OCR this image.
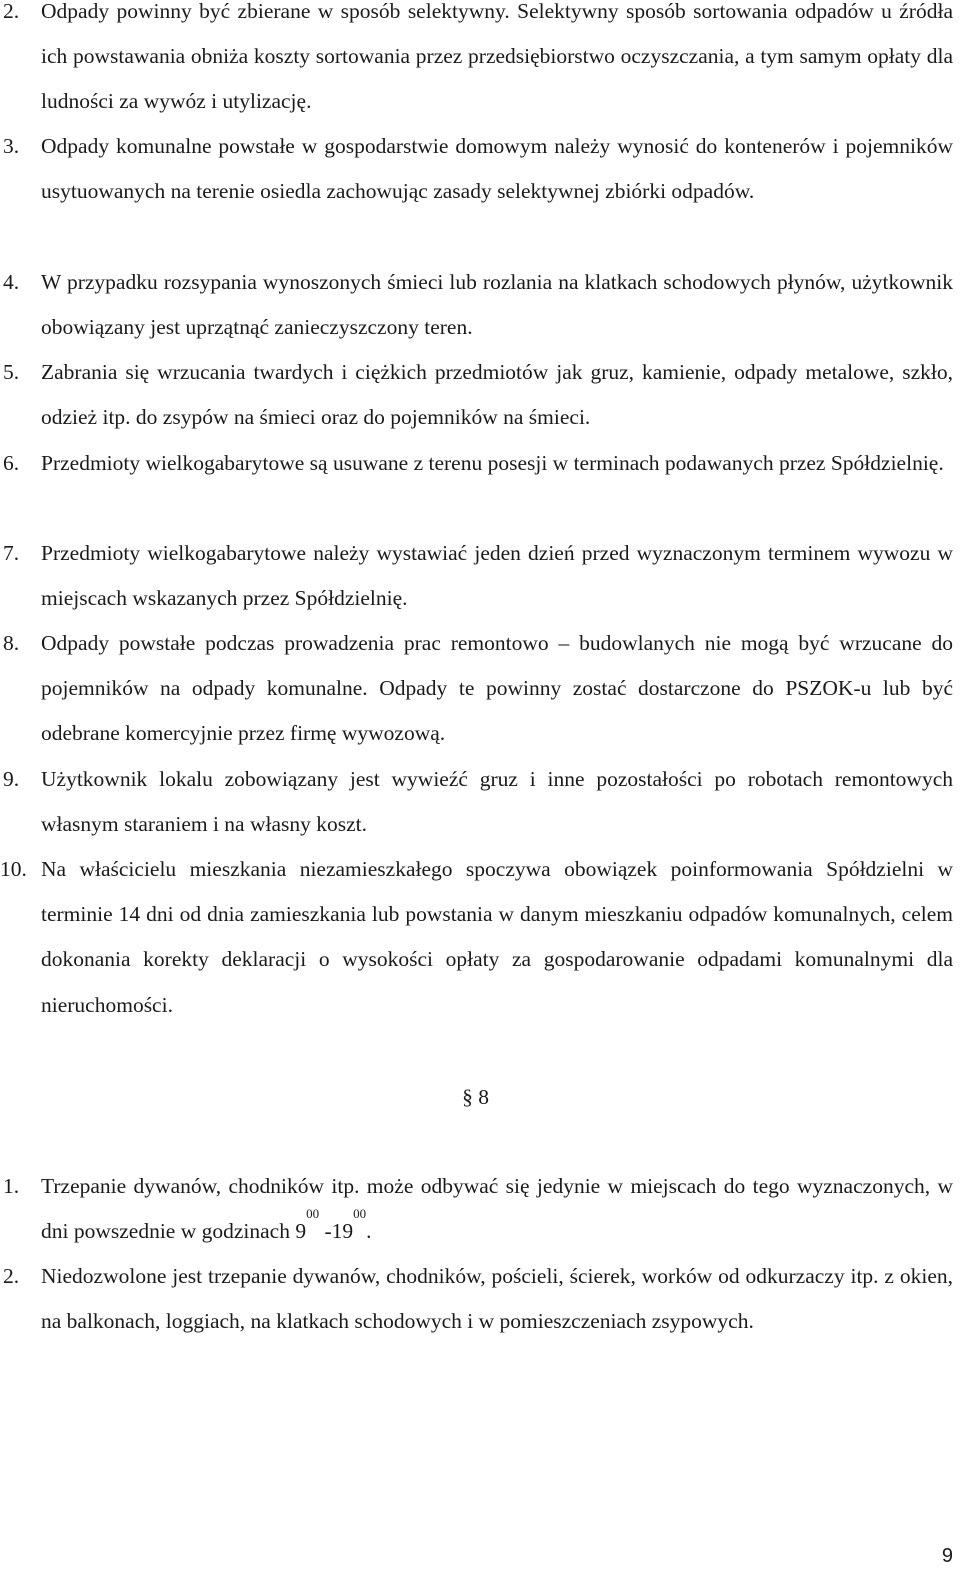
2.	Odpady powinny być zbierane w sposób selektywny. Selektywny sposób sortowania odpadów u źródła ich powstawania obniża koszty sortowania przez przedsiębiorstwo oczyszczania, a tym samym opłaty dla ludności za wywóz i utylizację.
3.	Odpady komunalne powstałe w gospodarstwie domowym należy wynosić do kontenerów i pojemników usytuowanych na terenie osiedla zachowując zasady selektywnej zbiórki odpadów.
4.	W przypadku rozsypania wynoszonych śmieci lub rozlania na klatkach schodowych płynów, użytkownik obowiązany jest uprzątnąć zanieczyszczony teren.
5.	Zabrania się wrzucania twardych i ciężkich przedmiotów jak gruz, kamienie, odpady metalowe, szkło, odzież itp. do zsypów na śmieci oraz do pojemników na śmieci.
6.	Przedmioty wielkogabarytowe są usuwane z terenu posesji w terminach podawanych przez Spółdzielnię.
7.	Przedmioty wielkogabarytowe należy wystawiać jeden dzień przed wyznaczonym terminem wywozu w miejscach wskazanych przez Spółdzielnię.
8.	Odpady powstałe podczas prowadzenia prac remontowo – budowlanych nie mogą być wrzucane do pojemników na odpady komunalne. Odpady te powinny zostać dostarczone do PSZOK-u lub być odebrane komercyjnie przez firmę wywozową.
9.	Użytkownik lokalu zobowiązany jest wywieźć gruz i inne pozostałości po robotach remontowych własnym staraniem i na własny koszt.
10. Na właścicielu mieszkania niezamieszkałego spoczywa obowiązek poinformowania Spółdzielni w terminie 14 dni od dnia zamieszkania lub powstania w danym mieszkaniu odpadów komunalnych, celem dokonania korekty deklaracji o wysokości opłaty za gospodarowanie odpadami komunalnymi dla nieruchomości.
§ 8
1.	Trzepanie dywanów, chodników itp. może odbywać się jedynie w miejscach do tego wyznaczonych, w dni powszednie w godzinach $9^{00}$ $-19^{00}$.
2.	Niedozwolone jest trzepanie dywanów, chodników, pościeli, ścierek, worków od odkurzaczy itp. z okien, na balkonach, loggiach, na klatkach schodowych i w pomieszczeniach zsypowych.
9
